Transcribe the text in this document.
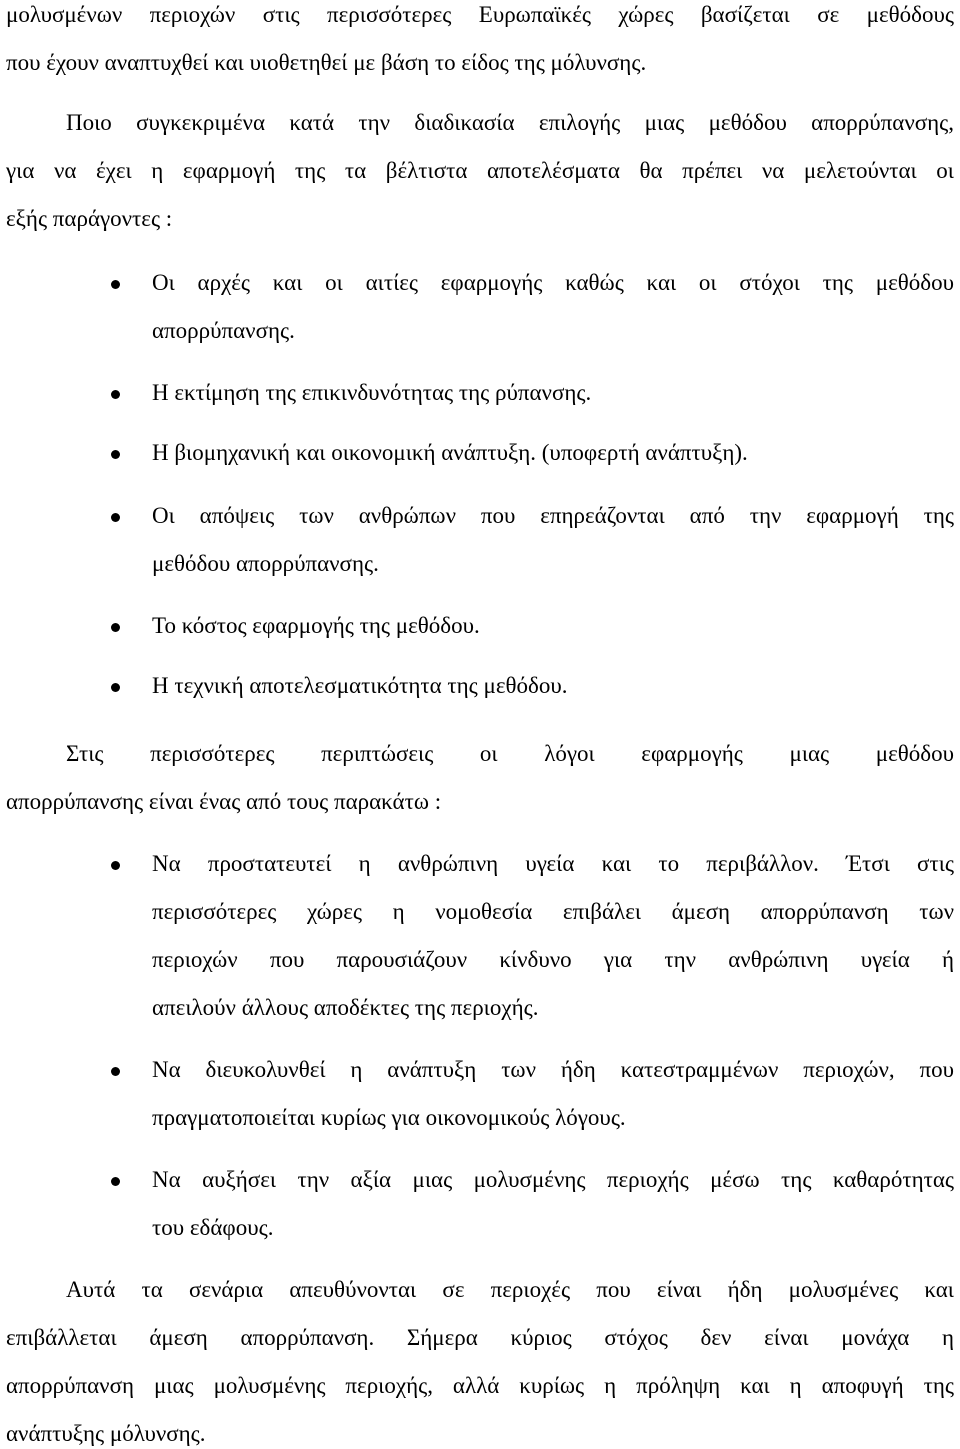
μολυσμένων περιοχών στις περισσότερες Ευρωπαϊκές χώρες βασίζεται σε μεθόδους
που έχουν αναπτυχθεί και υιοθετηθεί με βάση το είδος της μόλυνσης.
Ποιο συγκεκριμένα κατά την διαδικασία επιλογής μιας μεθόδου απορρύπανσης,
για να έχει η εφαρμογή της τα βέλτιστα αποτελέσματα θα πρέπει να μελετούνται οι
εξής παράγοντες :
Οι αρχές και οι αιτίες εφαρμογής καθώς και οι στόχοι της μεθόδου
απορρύπανσης.
Η εκτίμηση της επικινδυνότητας της ρύπανσης.
Η βιομηχανική και οικονομική ανάπτυξη. (υποφερτή ανάπτυξη).
Οι απόψεις των ανθρώπων που επηρεάζονται από την εφαρμογή της
μεθόδου απορρύπανσης.
Το κόστος εφαρμογής της μεθόδου.
Η τεχνική αποτελεσματικότητα της μεθόδου.
Στις περισσότερες περιπτώσεις οι λόγοι εφαρμογής μιας μεθόδου
απορρύπανσης είναι ένας από τους παρακάτω :
Να προστατευτεί η ανθρώπινη υγεία και το περιβάλλον. Έτσι στις
περισσότερες χώρες η νομοθεσία επιβάλει άμεση απορρύπανση των
περιοχών που παρουσιάζουν κίνδυνο για την ανθρώπινη υγεία ή
απειλούν άλλους αποδέκτες της περιοχής.
Να διευκολυνθεί η ανάπτυξη των ήδη κατεστραμμένων περιοχών, που
πραγματοποιείται κυρίως για οικονομικούς λόγους.
Να αυξήσει την αξία μιας μολυσμένης περιοχής μέσω της καθαρότητας
του εδάφους.
Αυτά τα σενάρια απευθύνονται σε περιοχές που είναι ήδη μολυσμένες και
επιβάλλεται άμεση απορρύπανση. Σήμερα κύριος στόχος δεν είναι μονάχα η
απορρύπανση μιας μολυσμένης περιοχής, αλλά κυρίως η πρόληψη και η αποφυγή της
ανάπτυξης μόλυνσης.
